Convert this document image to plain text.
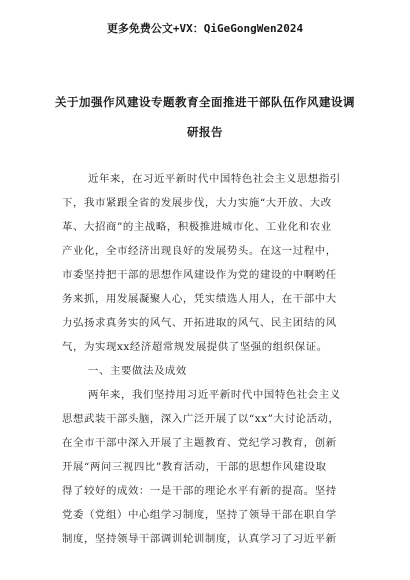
更多免费公文+VX：QiGeGongWen2024
关于加强作风建设专题教育全面推进干部队伍作风建设调
研报告
近年来，在习近平新时代中国特色社会主义思想指引
下，我市紧跟全省的发展步伐，大力实施“大开放、大改
革、大招商”的主战略，积极推进城市化、工业化和农业
产业化，全市经济出现良好的发展势头。在这一过程中，
市委坚持把干部的思想作风建设作为党的建设的中啊哟任
务来抓，用发展凝聚人心，凭实绩选人用人，在干部中大
力弘扬求真务实的风气、开拓进取的风气、民主团结的风
气，为实现xx经济超常规发展提供了坚强的组织保证。
一、主要做法及成效
两年来，我们坚持用习近平新时代中国特色社会主义
思想武装干部头脑，深入广泛开展了以“xx”大讨论活动，
在全市干部中深入开展了主题教育、党纪学习教育，创新
开展“两问三视四比”教育活动，干部的思想作风建设取
得了较好的成效：一是干部的理论水平有新的提高。坚持
党委（党组）中心组学习制度，坚持了领导干部在职自学
制度，坚持领导干部调训轮训制度，认真学习了习近平新
